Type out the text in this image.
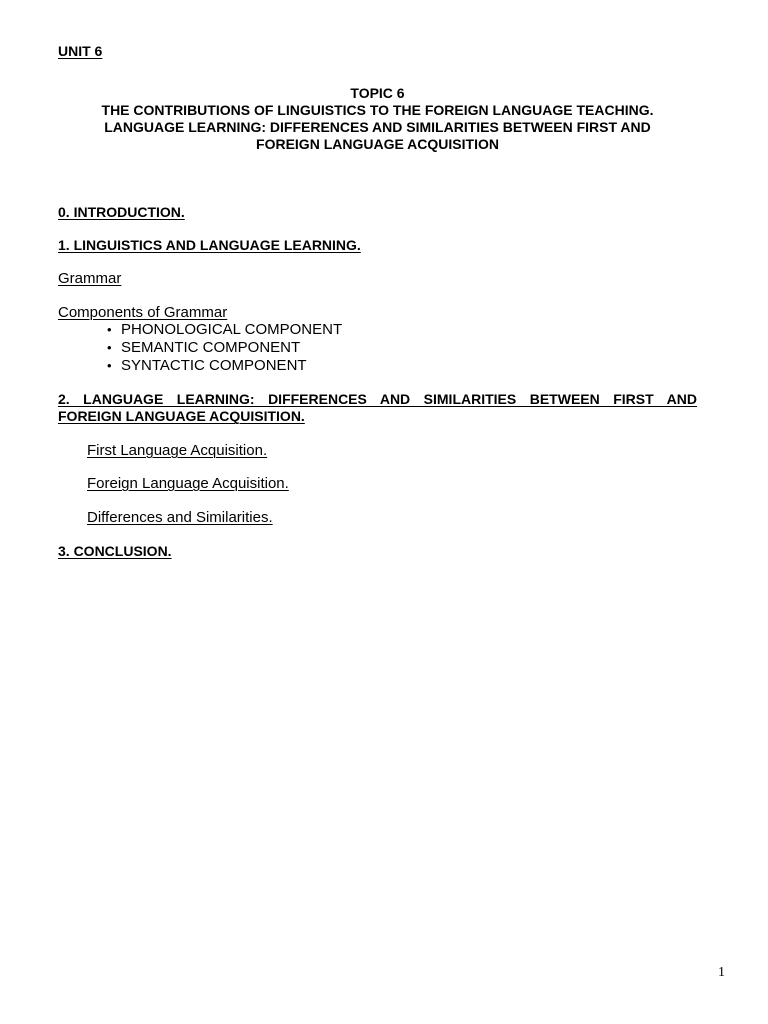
UNIT 6
TOPIC 6
THE CONTRIBUTIONS OF LINGUISTICS TO THE FOREIGN LANGUAGE TEACHING.
LANGUAGE LEARNING: DIFFERENCES AND SIMILARITIES BETWEEN FIRST AND
FOREIGN LANGUAGE ACQUISITION
0. INTRODUCTION.
1. LINGUISTICS AND LANGUAGE LEARNING.
Grammar
Components of Grammar
• PHONOLOGICAL COMPONENT
• SEMANTIC COMPONENT
• SYNTACTIC COMPONENT
2. LANGUAGE LEARNING: DIFFERENCES AND SIMILARITIES BETWEEN FIRST AND
FOREIGN LANGUAGE ACQUISITION.
First Language Acquisition.
Foreign Language Acquisition.
Differences and Similarities.
3. CONCLUSION.
1
